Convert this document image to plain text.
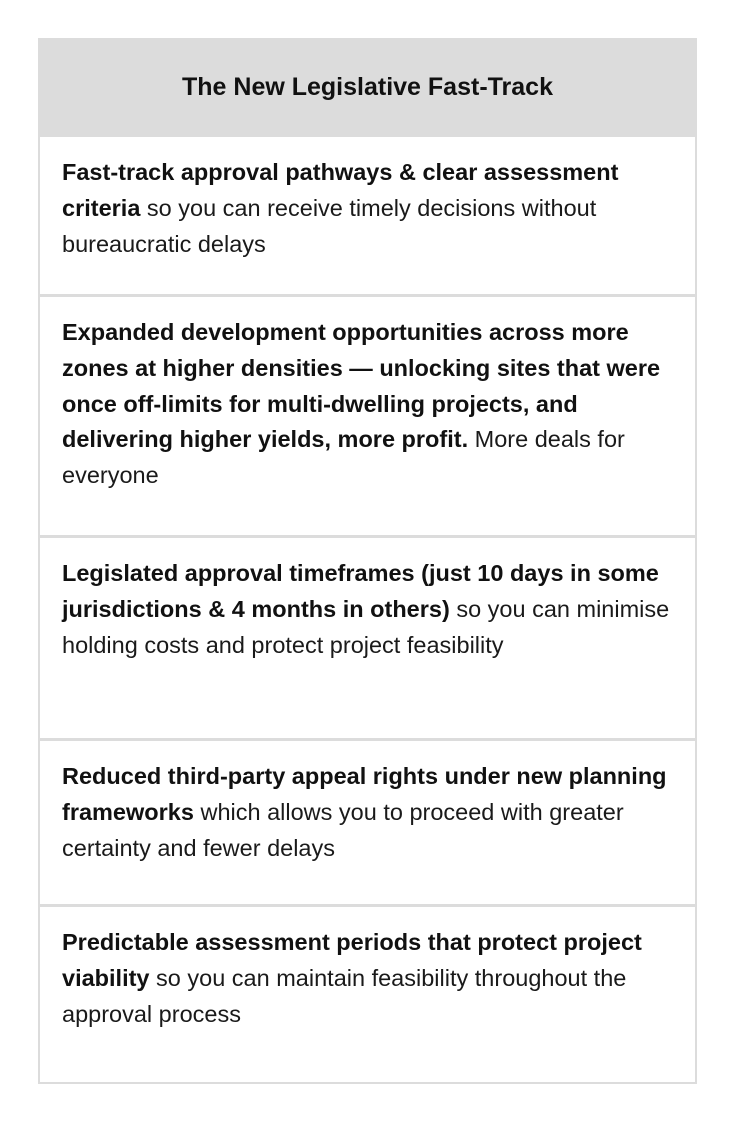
The New Legislative Fast-Track
Fast-track approval pathways & clear assessment criteria so you can receive timely decisions without bureaucratic delays
Expanded development opportunities across more zones at higher densities — unlocking sites that were once off-limits for multi-dwelling projects, and delivering higher yields, more profit. More deals for everyone
Legislated approval timeframes (just 10 days in some jurisdictions & 4 months in others) so you can minimise holding costs and protect project feasibility
Reduced third-party appeal rights under new planning frameworks which allows you to proceed with greater certainty and fewer delays
Predictable assessment periods that protect project viability so you can maintain feasibility throughout the approval process
